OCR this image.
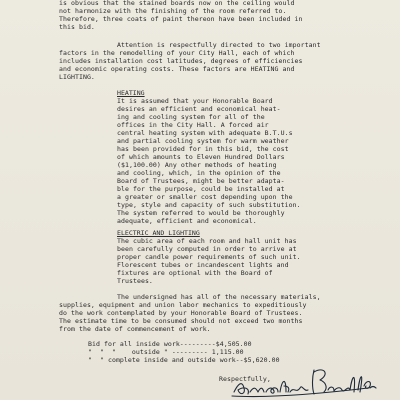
is obvious that the stained boards now on the ceiling would
not harmonize with the finishing of the room referred to.
Therefore, three coats of paint thereon have been included in
this bid.
Attention is respectfully directed to two important
factors in the remodelling of your City Hall, each of which
includes installation cost latitudes, degrees of efficiencies
and economic operating costs. These factors are HEATING and
LIGHTING.
HEATING
It is assumed that your Honorable Board
desires an efficient and economical heat-
ing and cooling system for all of the
offices in the City Hall. A forced air
central heating system with adequate B.T.U.s
and partial cooling system for warm weather
has been provided for in this bid, the cost
of which amounts to Eleven Hundred Dollars
($1,100.00) Any other methods of heating
and cooling, which, in the opinion of the
Board of Trustees, might be better adapta-
ble for the purpose, could be installed at
a greater or smaller cost depending upon the
type, style and capacity of such substitution.
The system referred to would be thoroughly
adequate, efficient and economical.
ELECTRIC AND LIGHTING
The cubic area of each room and hall unit has
been carefully computed in order to arrive at
proper candle power requirements of such unit.
Florescent tubes or incandescent lights and
fixtures are optional with the Board of
Trustees.
The undersigned has all of the necessary materials,
supplies, equipment and union labor mechanics to expeditiously
do the work contemplated by your Honorable Board of Trustees.
The estimate time to be consumed should not exceed two months
from the date of commencement of work.
Bid for all inside work---------$4,505.00
"  "  "    outside " --------- 1,115.00
"  " complete inside and outside work--$5,620.00
Respectfully,
